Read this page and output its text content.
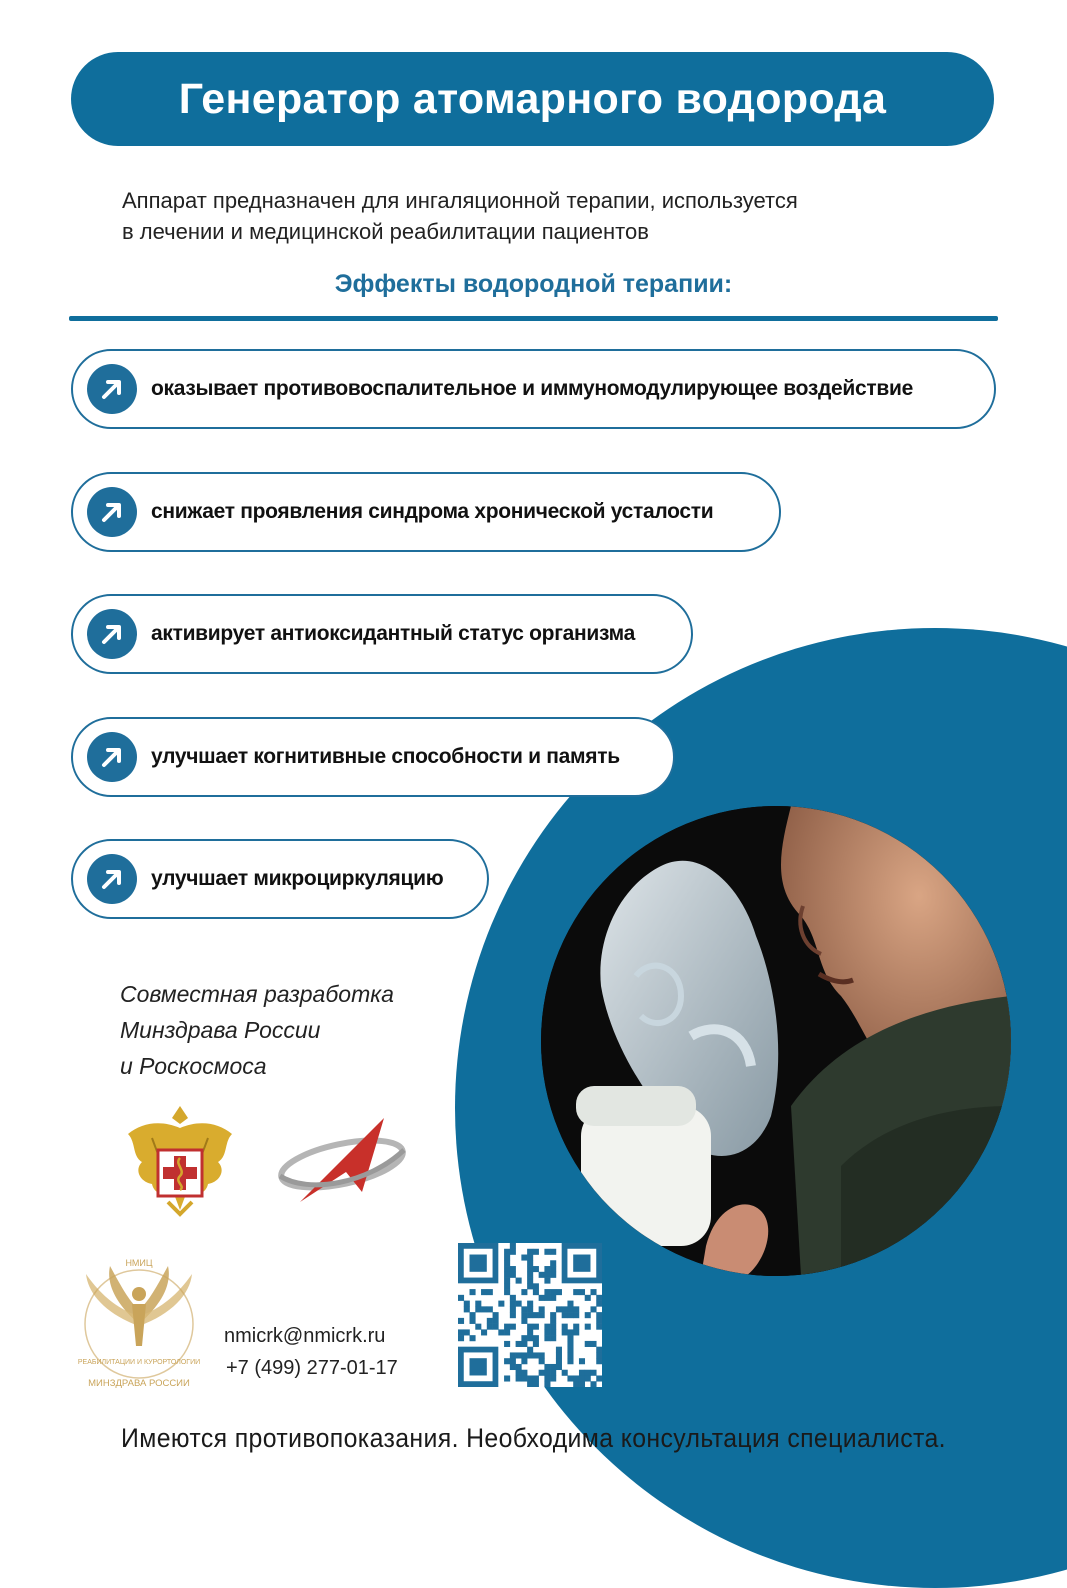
Генератор атомарного водорода
Аппарат предназначен для ингаляционной терапии, используется
в лечении и медицинской реабилитации пациентов
Эффекты водородной терапии:
оказывает противовоспалительное и иммуномодулирующее воздействие
снижает проявления синдрома хронической усталости
активирует антиоксидантный статус организма
улучшает когнитивные способности и память
улучшает микроциркуляцию
Совместная разработка
Минздрава России
и Роскосмоса
НМИЦ
РЕАБИЛИТАЦИИ И КУРОРТОЛОГИИ
МИНЗДРАВА РОССИИ
nmicrk@nmicrk.ru
+7 (499) 277-01-17
Имеются противопоказания. Необходима консультация специалиста.
